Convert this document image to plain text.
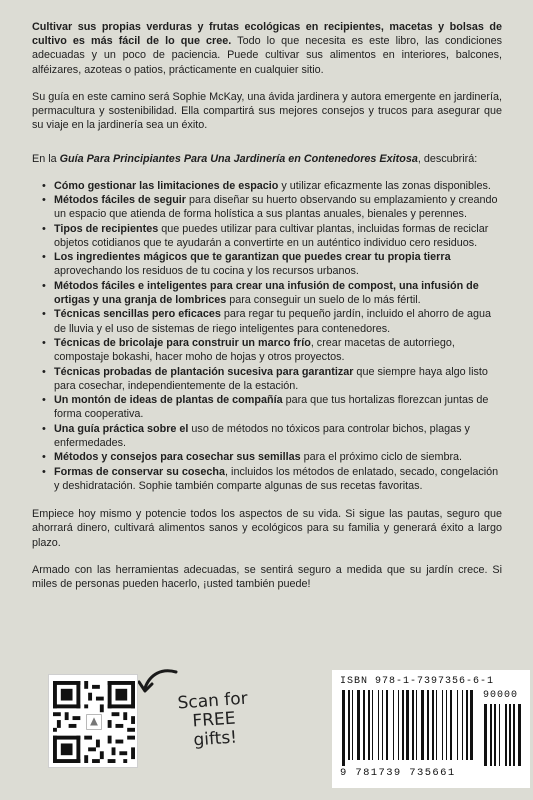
Cultivar sus propias verduras y frutas ecológicas en recipientes, macetas y bolsas de cultivo es más fácil de lo que cree. Todo lo que necesita es este libro, las condiciones adecuadas y un poco de paciencia. Puede cultivar sus alimentos en interiores, balcones, alféizares, azoteas o patios, prácticamente en cualquier sitio.

Su guía en este camino será Sophie McKay, una ávida jardinera y autora emergente en jardinería, permacultura y sostenibilidad. Ella compartirá sus mejores consejos y trucos para asegurar que su viaje en la jardinería sea un éxito.

En la Guía Para Principiantes Para Una Jardinería en Contenedores Exitosa, descubrirá:

• Cómo gestionar las limitaciones de espacio y utilizar eficazmente las zonas disponibles.
• Métodos fáciles de seguir para diseñar su huerto observando su emplazamiento y creando un espacio que atienda de forma holística a sus plantas anuales, bienales y perennes.
• Tipos de recipientes que puedes utilizar para cultivar plantas, incluidas formas de reciclar objetos cotidianos que te ayudarán a convertirte en un auténtico individuo cero residuos.
• Los ingredientes mágicos que te garantizan que puedes crear tu propia tierra aprovechando los residuos de tu cocina y los recursos urbanos.
• Métodos fáciles e inteligentes para crear una infusión de compost, una infusión de ortigas y una granja de lombrices para conseguir un suelo de lo más fértil.
• Técnicas sencillas pero eficaces para regar tu pequeño jardín, incluido el ahorro de agua de lluvia y el uso de sistemas de riego inteligentes para contenedores.
• Técnicas de bricolaje para construir un marco frío, crear macetas de autorriego, compostaje bokashi, hacer moho de hojas y otros proyectos.
• Técnicas probadas de plantación sucesiva para garantizar que siempre haya algo listo para cosechar, independientemente de la estación.
• Un montón de ideas de plantas de compañía para que tus hortalizas florezcan juntas de forma cooperativa.
• Una guía práctica sobre el uso de métodos no tóxicos para controlar bichos, plagas y enfermedades.
• Métodos y consejos para cosechar sus semillas para el próximo ciclo de siembra.
• Formas de conservar su cosecha, incluidos los métodos de enlatado, secado, congelación y deshidratación. Sophie también comparte algunas de sus recetas favoritas.

Empiece hoy mismo y potencie todos los aspectos de su vida. Si sigue las pautas, seguro que ahorrará dinero, cultivará alimentos sanos y ecológicos para su familia y generará éxito a largo plazo.

Armado con las herramientas adecuadas, se sentirá seguro a medida que su jardín crece. Si miles de personas pueden hacerlo, ¡usted también puede!

Scan for FREE gifts!
ISBN 978-1-7397356-6-1
90000
9 781739 735661
